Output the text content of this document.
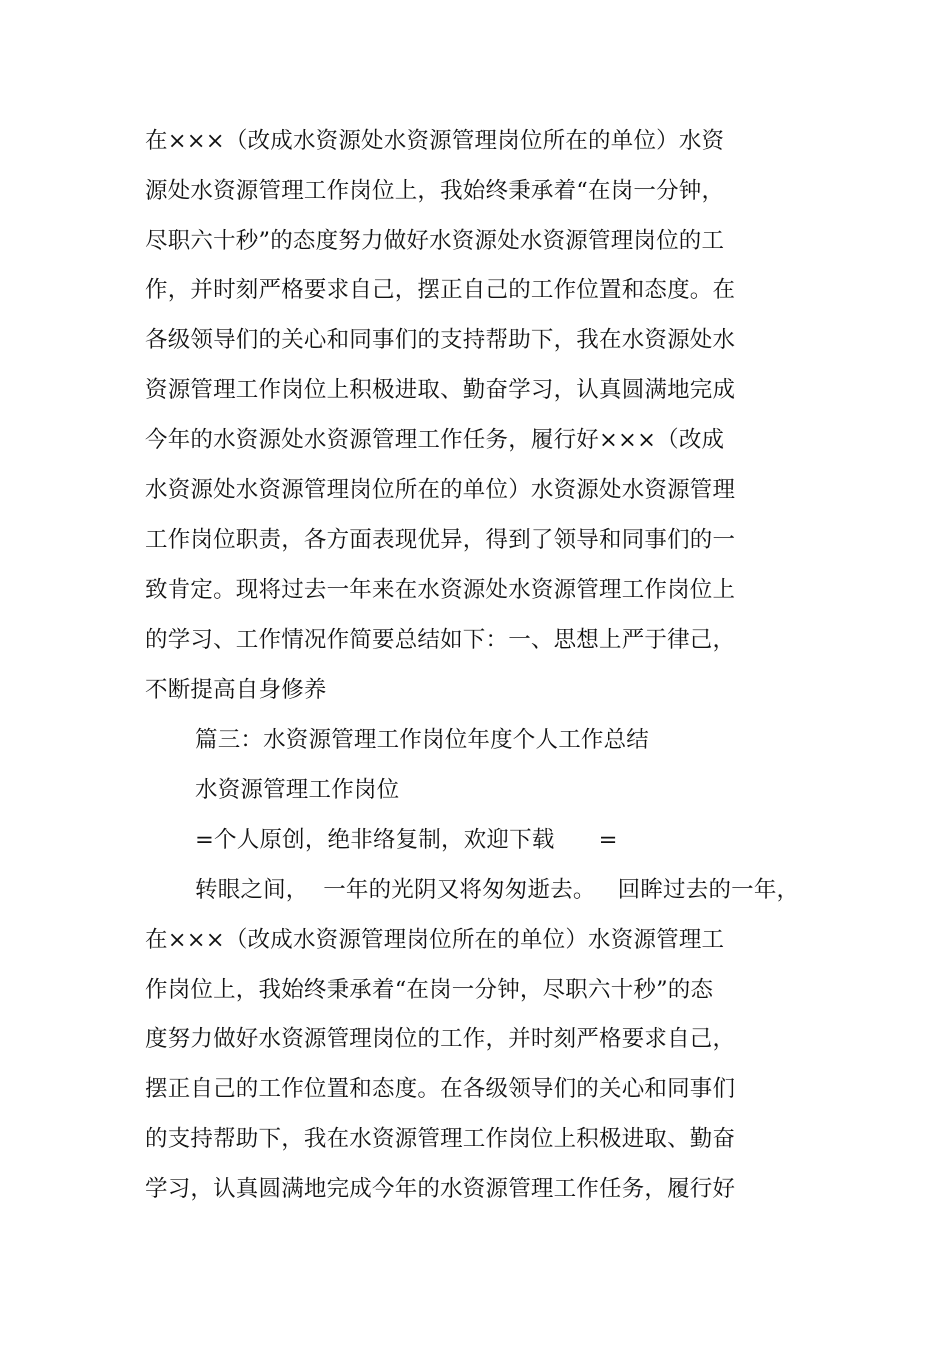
在×××（改成水资源处水资源管理岗位所在的单位）水资
源处水资源管理工作岗位上，我始终秉承着“在岗一分钟，
尽职六十秒”的态度努力做好水资源处水资源管理岗位的工
作，并时刻严格要求自己，摆正自己的工作位置和态度。在
各级领导们的关心和同事们的支持帮助下，我在水资源处水
资源管理工作岗位上积极进取、勤奋学习，认真圆满地完成
今年的水资源处水资源管理工作任务，履行好×××（改成
水资源处水资源管理岗位所在的单位）水资源处水资源管理
工作岗位职责，各方面表现优异，得到了领导和同事们的一
致肯定。现将过去一年来在水资源处水资源管理工作岗位上
的学习、工作情况作简要总结如下：一、思想上严于律己，
不断提高自身修养
篇三：水资源管理工作岗位年度个人工作总结
水资源管理工作岗位
=个人原创，绝非络复制，欢迎下载      =
转眼之间，  一年的光阴又将匆匆逝去。   回眸过去的一年，
在×××（改成水资源管理岗位所在的单位）水资源管理工
作岗位上，我始终秉承着“在岗一分钟，尽职六十秒”的态
度努力做好水资源管理岗位的工作，并时刻严格要求自己，
摆正自己的工作位置和态度。在各级领导们的关心和同事们
的支持帮助下，我在水资源管理工作岗位上积极进取、勤奋
学习，认真圆满地完成今年的水资源管理工作任务，履行好
